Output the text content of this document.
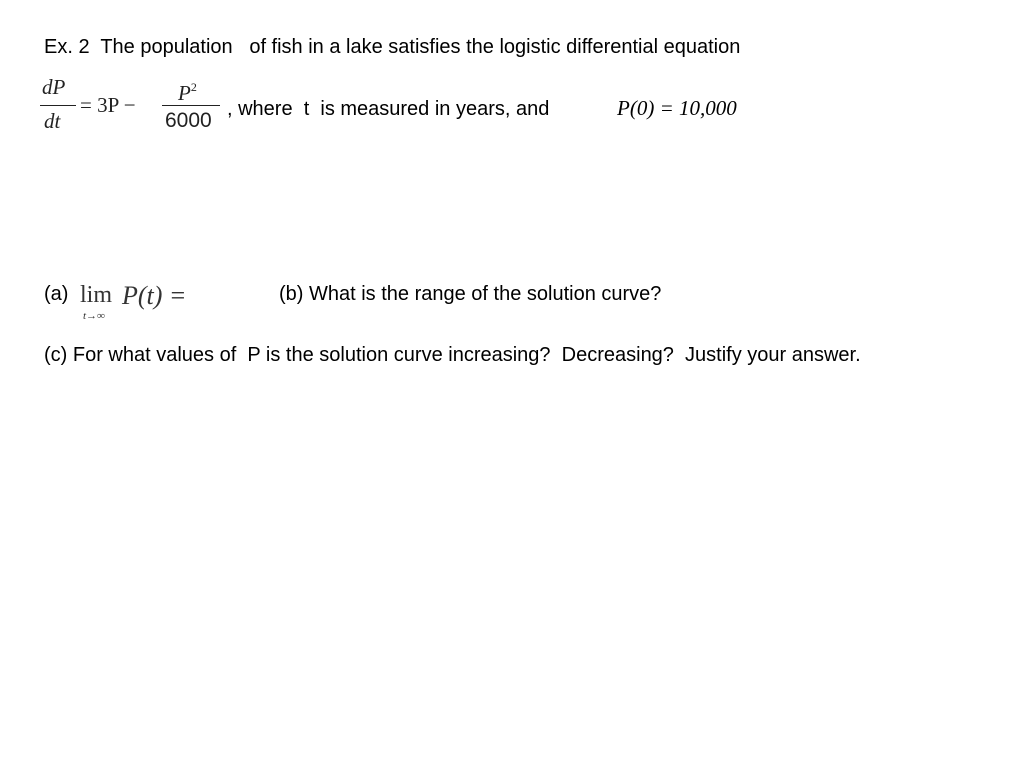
Ex. 2  The population   of fish in a lake satisfies the logistic differential equation
dP
dt
= $3P - P^2$
6000 , where  t  is measured in years, and	P(0) = 10,000
(a) lim
t→∞
P(t) =	(b) What is the range of the solution curve?
(c) For what values of  P is the solution curve increasing?  Decreasing?  Justify your answer.
